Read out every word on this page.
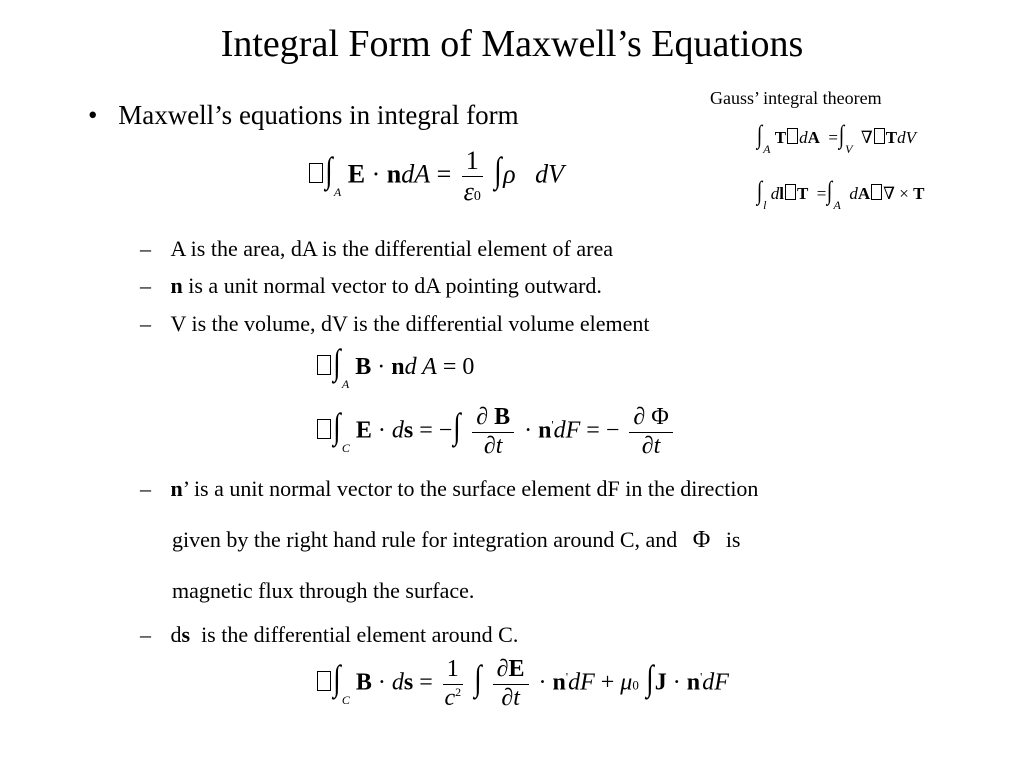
Integral Form of Maxwell’s Equations
Gauss’ integral theorem
$\int_A$ T dA  $=\int_V$  ∇ TdV
$\int_l$ dl $T =\int_A$  dA ∇ × T
• Maxwell’s equations in integral form
$\int_A$ E · ndA = $\frac{1}{\varepsilon 0} \int\rho$ dV
– A is the area, dA is the differential element of area
– n is a unit normal vector to dA pointing outward.
– V is the volume, dV is the differential volume element
$\int_A$ B · nd A = 0
$\int_C$ E · ds = −∫ $\frac{\partial B}{\partial t} \cdot n'dF$ = − $\frac{\partial \Phi}{\partial t}$
– n’ is a unit normal vector to the surface element dF in the direction
given by the right hand rule for integration around C, and Φ is
magnetic flux through the surface.
– ds  is the differential element around C.
$\int_C$ B · ds = $\frac{1}{c^2}$ ∫ $\frac{\partial E}{\partial t} \cdot n'dF + \mu 0$ ∫J · n'dF
